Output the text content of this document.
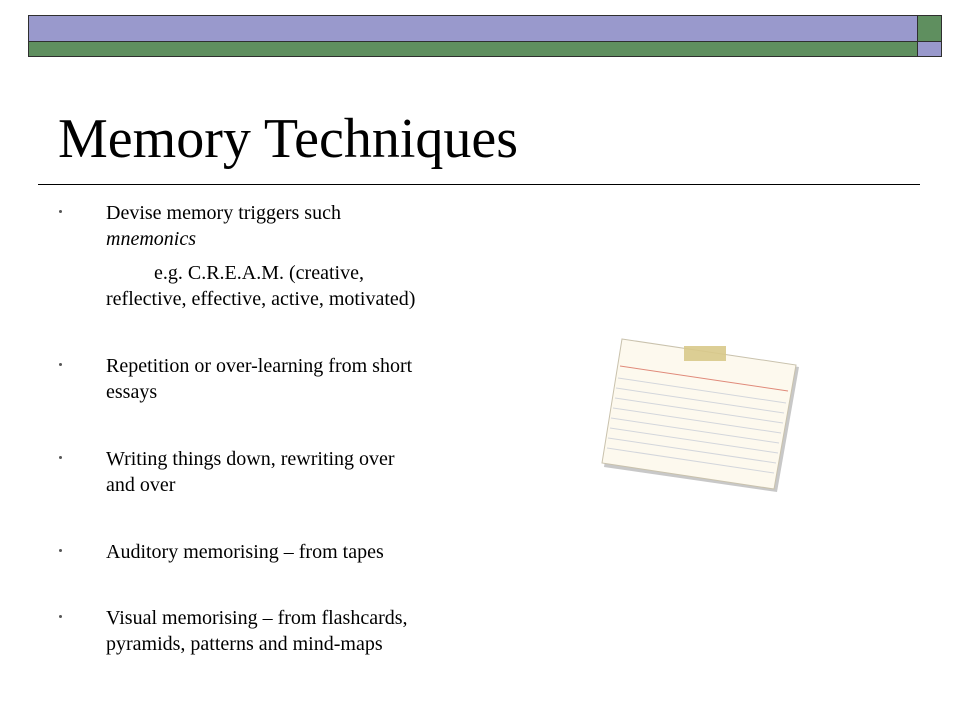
Memory Techniques
Devise memory triggers such
mnemonics

e.g. C.R.E.A.M. (creative,
reflective, effective, active, motivated)
Repetition or over-learning from short
essays
Writing things down, rewriting over
and over
Auditory memorising – from tapes
Visual memorising – from flashcards,
pyramids, patterns and mind-maps
